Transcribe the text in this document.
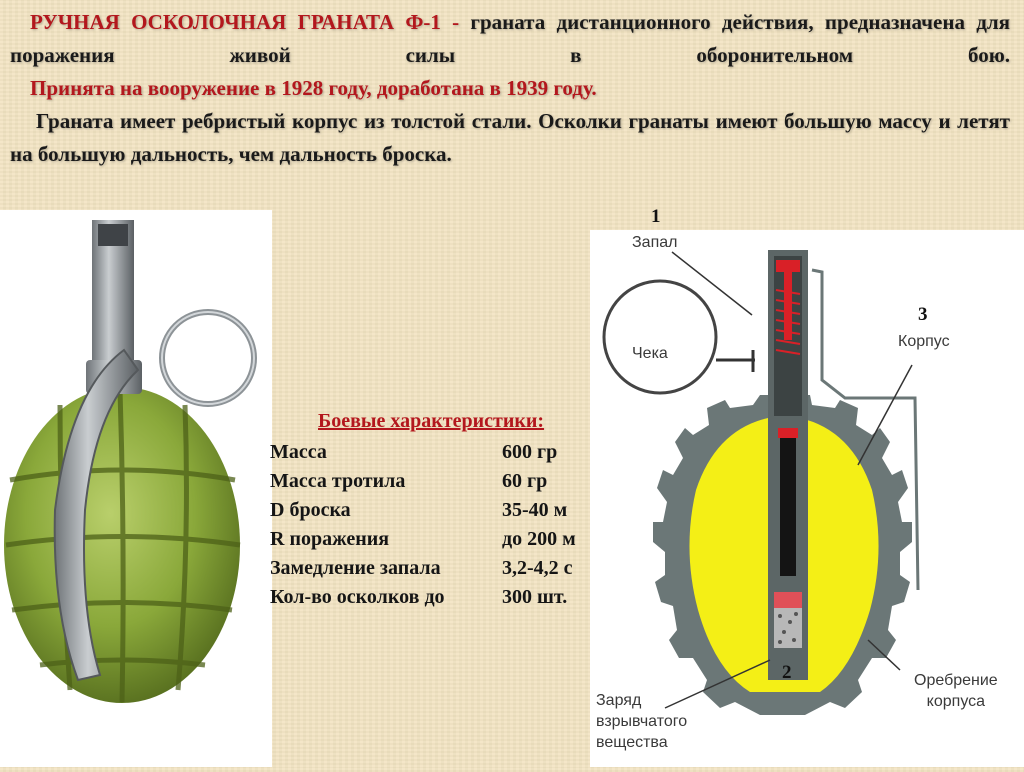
РУЧНАЯ ОСКОЛОЧНАЯ ГРАНАТА Ф-1 - граната дистанционного действия, предназначена для поражения живой силы в оборонительном бою.

Принята на вооружение в 1928 году, доработана в 1939 году.

Граната имеет ребристый корпус из толстой стали. Осколки гранаты имеют большую массу и летят на большую дальность, чем дальность броска.

Запал
Чека
Корпус
Оребрение
корпуса
Заряд
взрывчатого
вещества
1
2
3
Боевые характеристики:
Масса	600 гр
Масса тротила	60 гр
D броска	35-40 м
R поражения	до 200 м
Замедление запала	3,2-4,2 с
Кол-во осколков до	300 шт.
